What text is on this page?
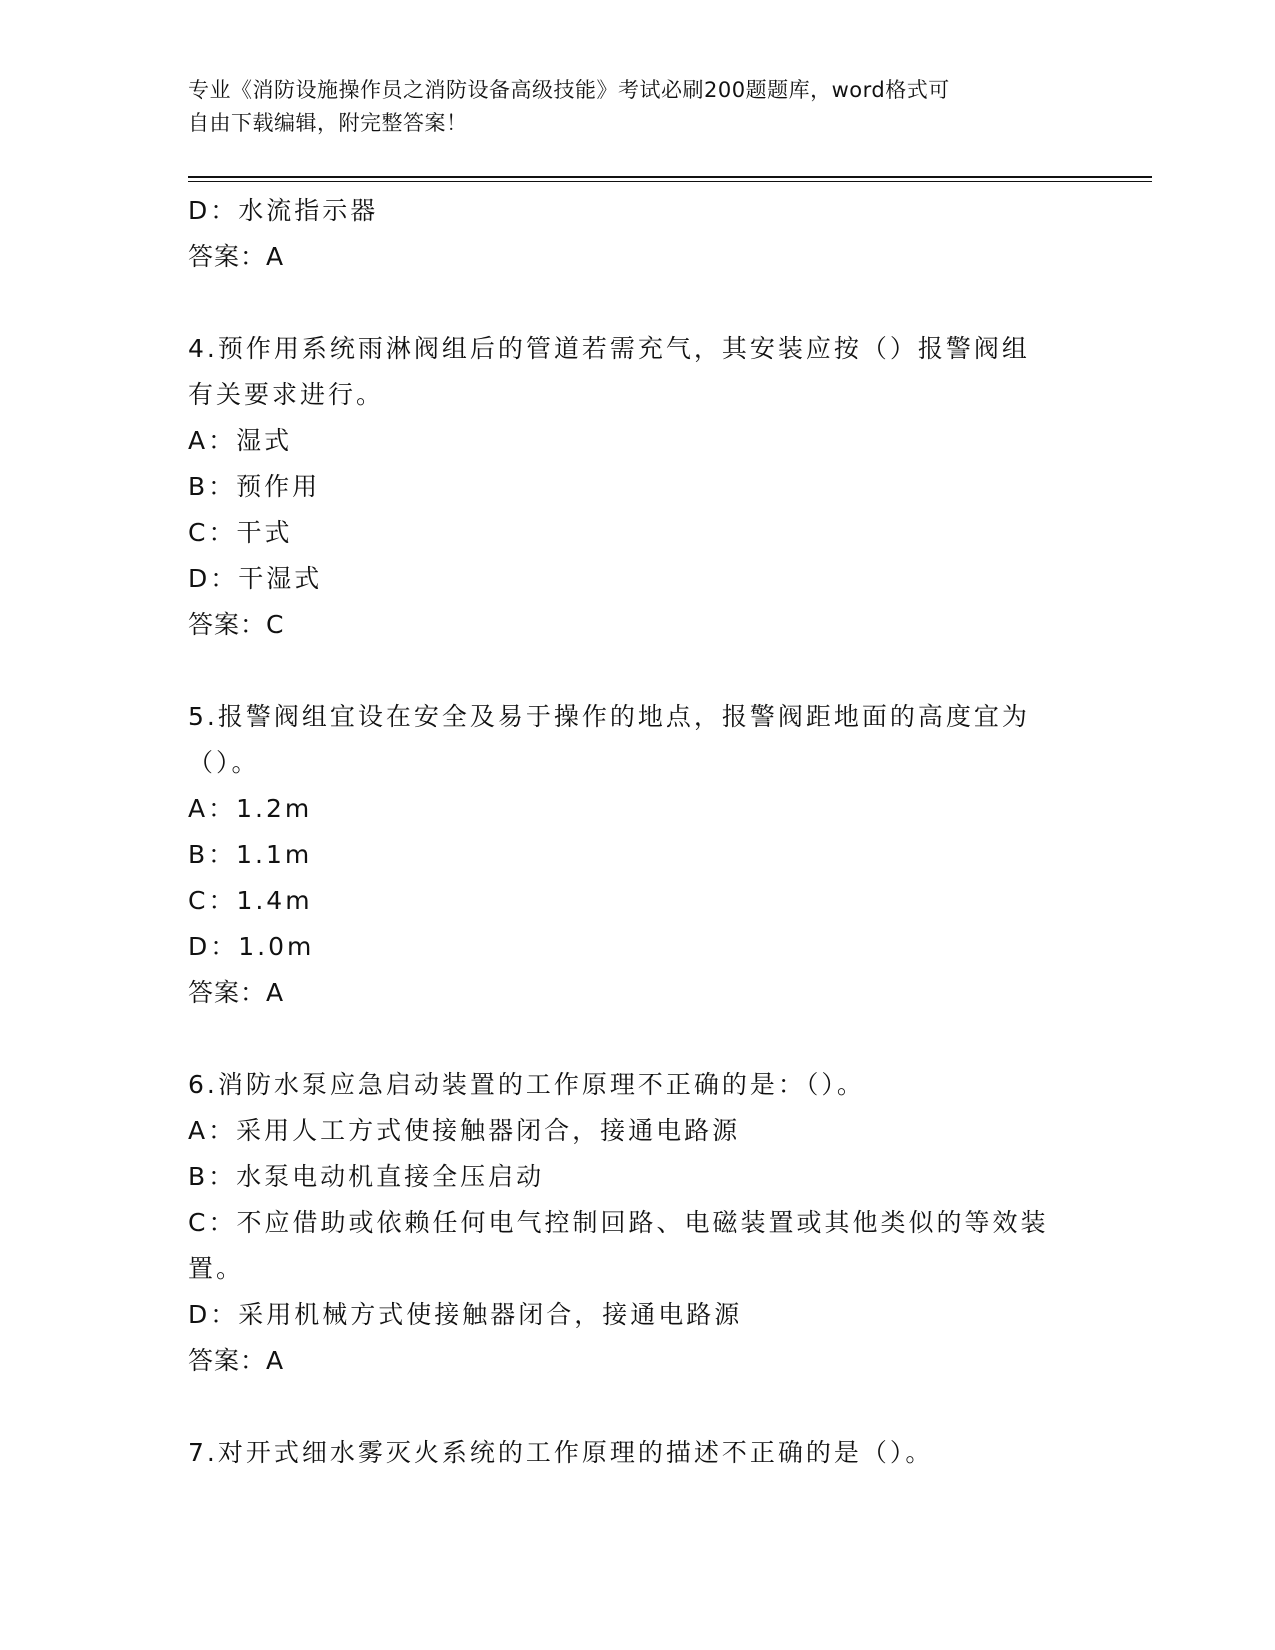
专业《消防设施操作员之消防设备高级技能》考试必刷200题题库，word格式可
自由下载编辑，附完整答案！
D：水流指示器
答案：A
4.预作用系统雨淋阀组后的管道若需充气，其安装应按（）报警阀组
有关要求进行。
A：湿式
B：预作用
C：干式
D：干湿式
答案：C
5.报警阀组宜设在安全及易于操作的地点，报警阀距地面的高度宜为
（）。
A：1.2m
B：1.1m
C：1.4m
D：1.0m
答案：A
6.消防水泵应急启动装置的工作原理不正确的是：（）。
A：采用人工方式使接触器闭合，接通电路源
B：水泵电动机直接全压启动
C：不应借助或依赖任何电气控制回路、电磁装置或其他类似的等效装
置。
D：采用机械方式使接触器闭合，接通电路源
答案：A
7.对开式细水雾灭火系统的工作原理的描述不正确的是（）。
